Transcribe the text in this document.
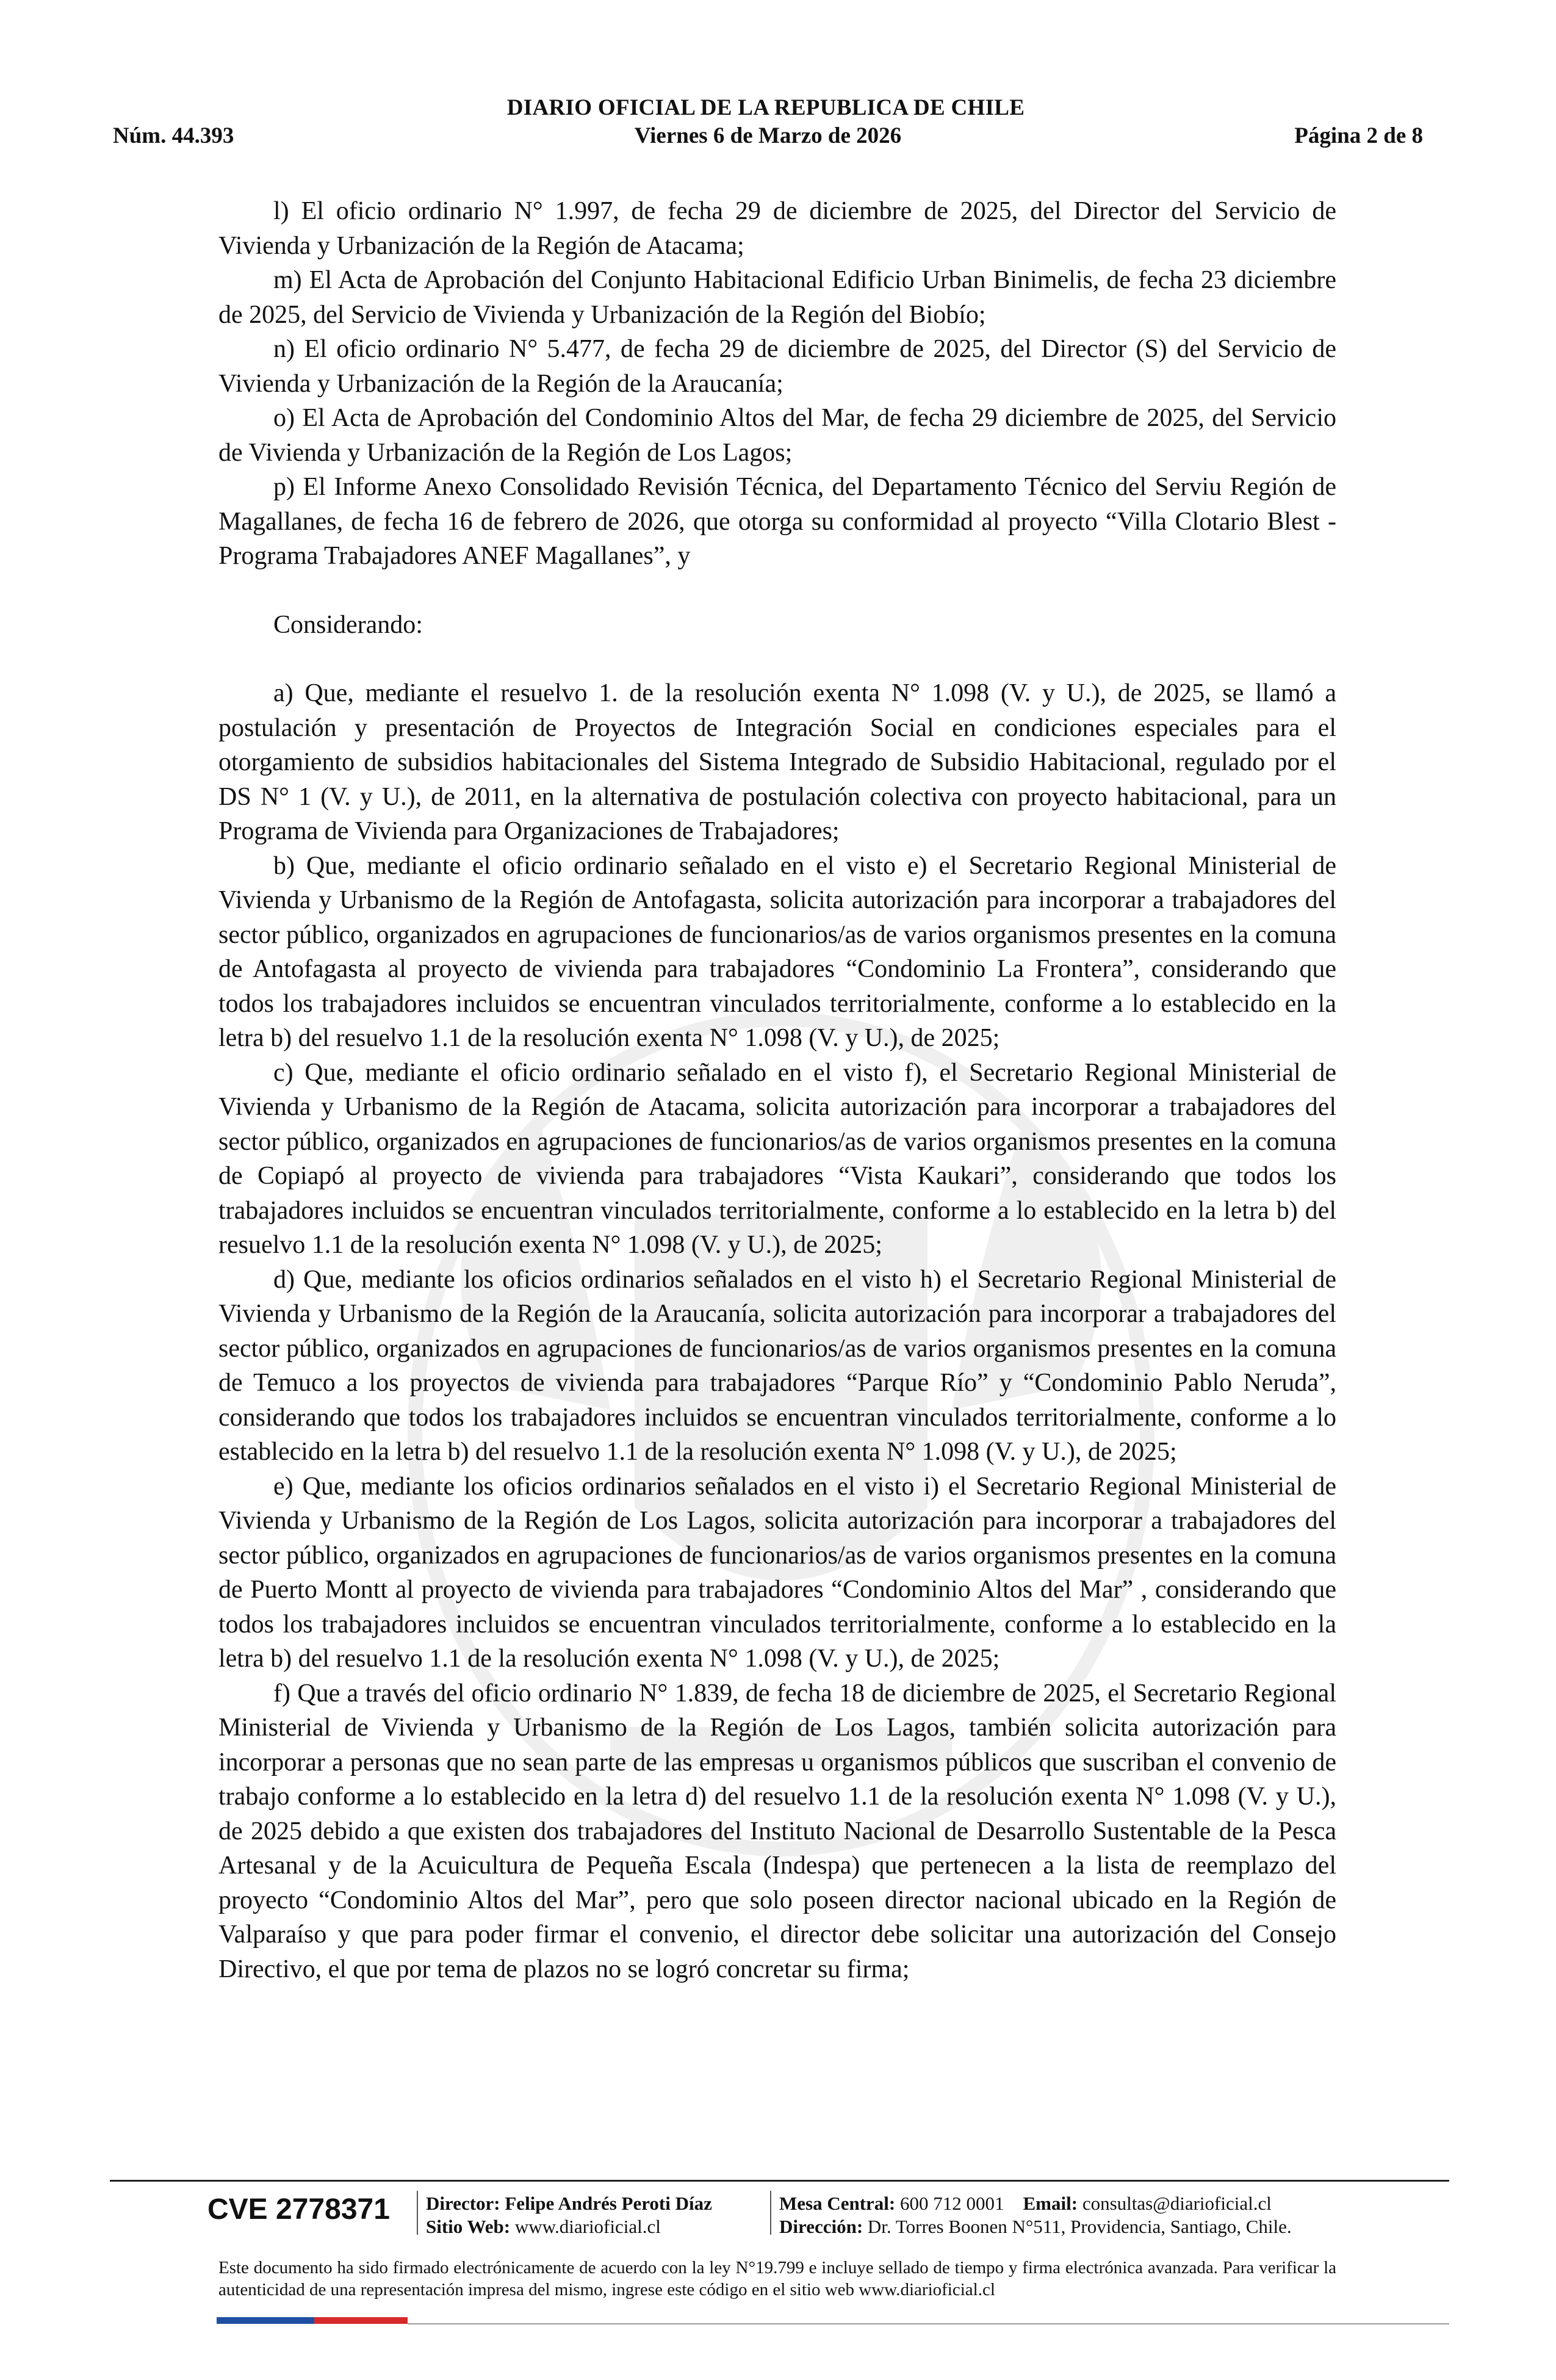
DIARIO OFICIAL DE LA REPUBLICA DE CHILE
Núm. 44.393	Viernes 6 de Marzo de 2026	Página 2 de 8

l) El oficio ordinario N° 1.997, de fecha 29 de diciembre de 2025, del Director del Servicio de Vivienda y Urbanización de la Región de Atacama;

m) El Acta de Aprobación del Conjunto Habitacional Edificio Urban Binimelis, de fecha 23 diciembre de 2025, del Servicio de Vivienda y Urbanización de la Región del Biobío;

n) El oficio ordinario N° 5.477, de fecha 29 de diciembre de 2025, del Director (S) del Servicio de Vivienda y Urbanización de la Región de la Araucanía;

o) El Acta de Aprobación del Condominio Altos del Mar, de fecha 29 diciembre de 2025, del Servicio de Vivienda y Urbanización de la Región de Los Lagos;

p) El Informe Anexo Consolidado Revisión Técnica, del Departamento Técnico del Serviu Región de Magallanes, de fecha 16 de febrero de 2026, que otorga su conformidad al proyecto “Villa Clotario Blest - Programa Trabajadores ANEF Magallanes”, y

Considerando:

a) Que, mediante el resuelvo 1. de la resolución exenta N° 1.098 (V. y U.), de 2025, se llamó a postulación y presentación de Proyectos de Integración Social en condiciones especiales para el otorgamiento de subsidios habitacionales del Sistema Integrado de Subsidio Habitacional, regulado por el DS N° 1 (V. y U.), de 2011, en la alternativa de postulación colectiva con proyecto habitacional, para un Programa de Vivienda para Organizaciones de Trabajadores;

b) Que, mediante el oficio ordinario señalado en el visto e) el Secretario Regional Ministerial de Vivienda y Urbanismo de la Región de Antofagasta, solicita autorización para incorporar a trabajadores del sector público, organizados en agrupaciones de funcionarios/as de varios organismos presentes en la comuna de Antofagasta al proyecto de vivienda para trabajadores “Condominio La Frontera”, considerando que todos los trabajadores incluidos se encuentran vinculados territorialmente, conforme a lo establecido en la letra b) del resuelvo 1.1 de la resolución exenta N° 1.098 (V. y U.), de 2025;

c) Que, mediante el oficio ordinario señalado en el visto f), el Secretario Regional Ministerial de Vivienda y Urbanismo de la Región de Atacama, solicita autorización para incorporar a trabajadores del sector público, organizados en agrupaciones de funcionarios/as de varios organismos presentes en la comuna de Copiapó al proyecto de vivienda para trabajadores “Vista Kaukari”, considerando que todos los trabajadores incluidos se encuentran vinculados territorialmente, conforme a lo establecido en la letra b) del resuelvo 1.1 de la resolución exenta N° 1.098 (V. y U.), de 2025;

d) Que, mediante los oficios ordinarios señalados en el visto h) el Secretario Regional Ministerial de Vivienda y Urbanismo de la Región de la Araucanía, solicita autorización para incorporar a trabajadores del sector público, organizados en agrupaciones de funcionarios/as de varios organismos presentes en la comuna de Temuco a los proyectos de vivienda para trabajadores “Parque Río” y “Condominio Pablo Neruda”, considerando que todos los trabajadores incluidos se encuentran vinculados territorialmente, conforme a lo establecido en la letra b) del resuelvo 1.1 de la resolución exenta N° 1.098 (V. y U.), de 2025;

e) Que, mediante los oficios ordinarios señalados en el visto i) el Secretario Regional Ministerial de Vivienda y Urbanismo de la Región de Los Lagos, solicita autorización para incorporar a trabajadores del sector público, organizados en agrupaciones de funcionarios/as de varios organismos presentes en la comuna de Puerto Montt al proyecto de vivienda para trabajadores “Condominio Altos del Mar” , considerando que todos los trabajadores incluidos se encuentran vinculados territorialmente, conforme a lo establecido en la letra b) del resuelvo 1.1 de la resolución exenta N° 1.098 (V. y U.), de 2025;

f) Que a través del oficio ordinario N° 1.839, de fecha 18 de diciembre de 2025, el Secretario Regional Ministerial de Vivienda y Urbanismo de la Región de Los Lagos, también solicita autorización para incorporar a personas que no sean parte de las empresas u organismos públicos que suscriban el convenio de trabajo conforme a lo establecido en la letra d) del resuelvo 1.1 de la resolución exenta N° 1.098 (V. y U.), de 2025 debido a que existen dos trabajadores del Instituto Nacional de Desarrollo Sustentable de la Pesca Artesanal y de la Acuicultura de Pequeña Escala (Indespa) que pertenecen a la lista de reemplazo del proyecto “Condominio Altos del Mar”, pero que solo poseen director nacional ubicado en la Región de Valparaíso y que para poder firmar el convenio, el director debe solicitar una autorización del Consejo Directivo, el que por tema de plazos no se logró concretar su firma;

CVE 2778371 Director: Felipe Andrés Peroti Díaz
Sitio Web: www.diarioficial.cl
Mesa Central: 600 712 0001 Email: consultas@diarioficial.cl
Dirección: Dr. Torres Boonen N°511, Providencia, Santiago, Chile.
Este documento ha sido firmado electrónicamente de acuerdo con la ley N°19.799 e incluye sellado de tiempo y firma electrónica avanzada. Para verificar la autenticidad de una representación impresa del mismo, ingrese este código en el sitio web www.diarioficial.cl
